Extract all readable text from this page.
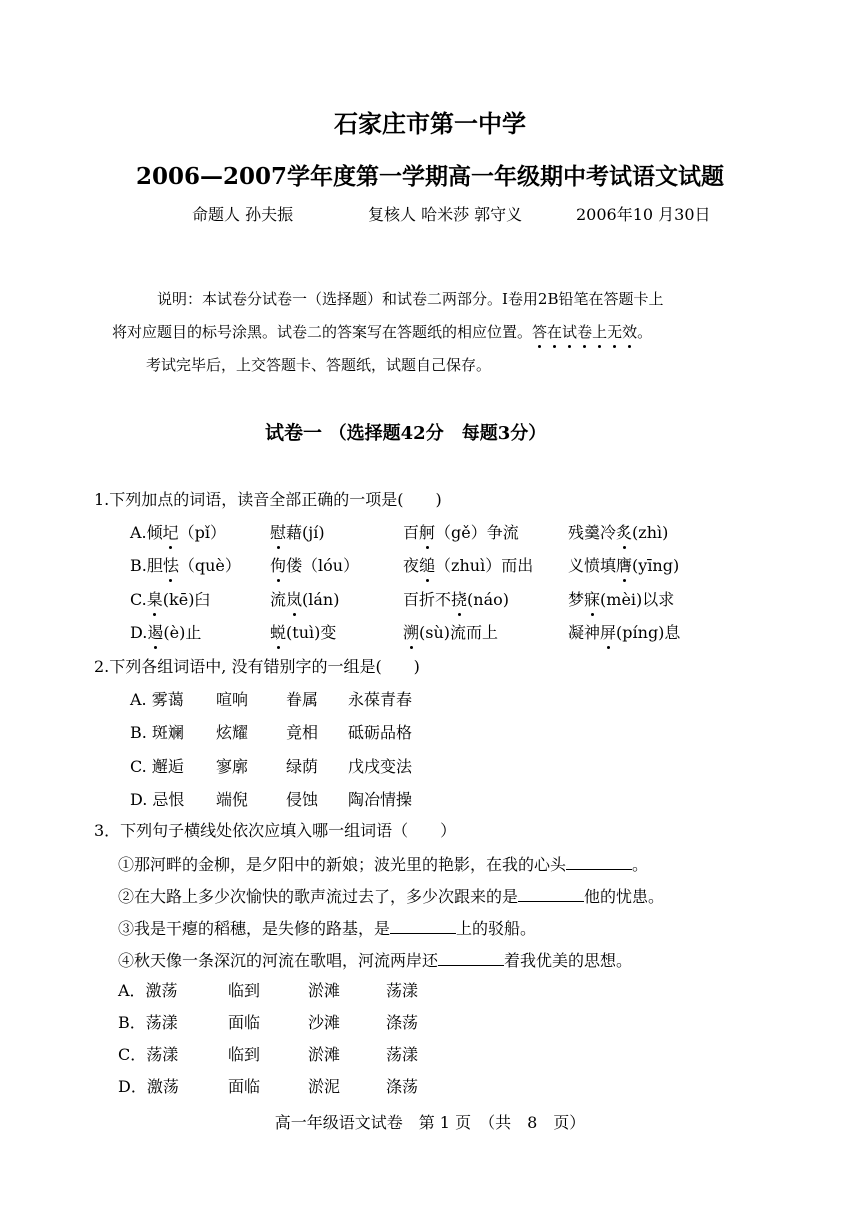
石家庄市第一中学
2006—2007学年度第一学期高一年级期中考试语文试题
命题人 孙夫振	复核人 哈米莎 郭守义	2006年10 月30日
说明：本试卷分试卷一（选择题）和试卷二两部分。Ⅰ卷用2B铅笔在答题卡上
将对应题目的标号涂黑。试卷二的答案写在答题纸的相应位置。答在试卷上无效。
考试完毕后，上交答题卡、答题纸，试题自己保存。
试卷一 （选择题42分　每题3分）
1.下列加点的词语，读音全部正确的一项是(　　)
A.倾圮（pǐ）	慰藉(jí)	百舸（gě）争流	残羹冷炙(zhì)
B.胆怯（què） 佝偻（lóu）	夜缒（zhuì）而出 义愤填膺(yīng)
C.臬(kē)臼	流岚(lán)	百折不挠(náo)	梦寐(mèi)以求
D.遏(è)止	蜕(tuì)变	溯(sù)流而上	凝神屏(píng)息
2.下列各组词语中, 没有错别字的一组是(　　)
A. 雾蔼 喧响 眷属 永葆青春
B. 斑斓 炫耀 竟相 砥砺品格
C. 邂逅 寥廓 绿荫 戊戌变法
D. 忌恨 端倪 侵蚀 陶冶情操
3．下列句子横线处依次应填入哪一组词语（　　）
①那河畔的金柳，是夕阳中的新娘；波光里的艳影，在我的心头	。
②在大路上多少次愉快的歌声流过去了，多少次跟来的是	他的忧患。
③我是干瘪的稻穗，是失修的路基，是	上的驳船。
④秋天像一条深沉的河流在歌唱，河流两岸还	着我优美的思想。
A．激荡	临到	淤滩	荡漾
B．荡漾	面临	沙滩	涤荡
C．荡漾	临到	淤滩	荡漾
D．激荡	面临	淤泥	涤荡
高一年级语文试卷　第 1 页　（共　8　页）
